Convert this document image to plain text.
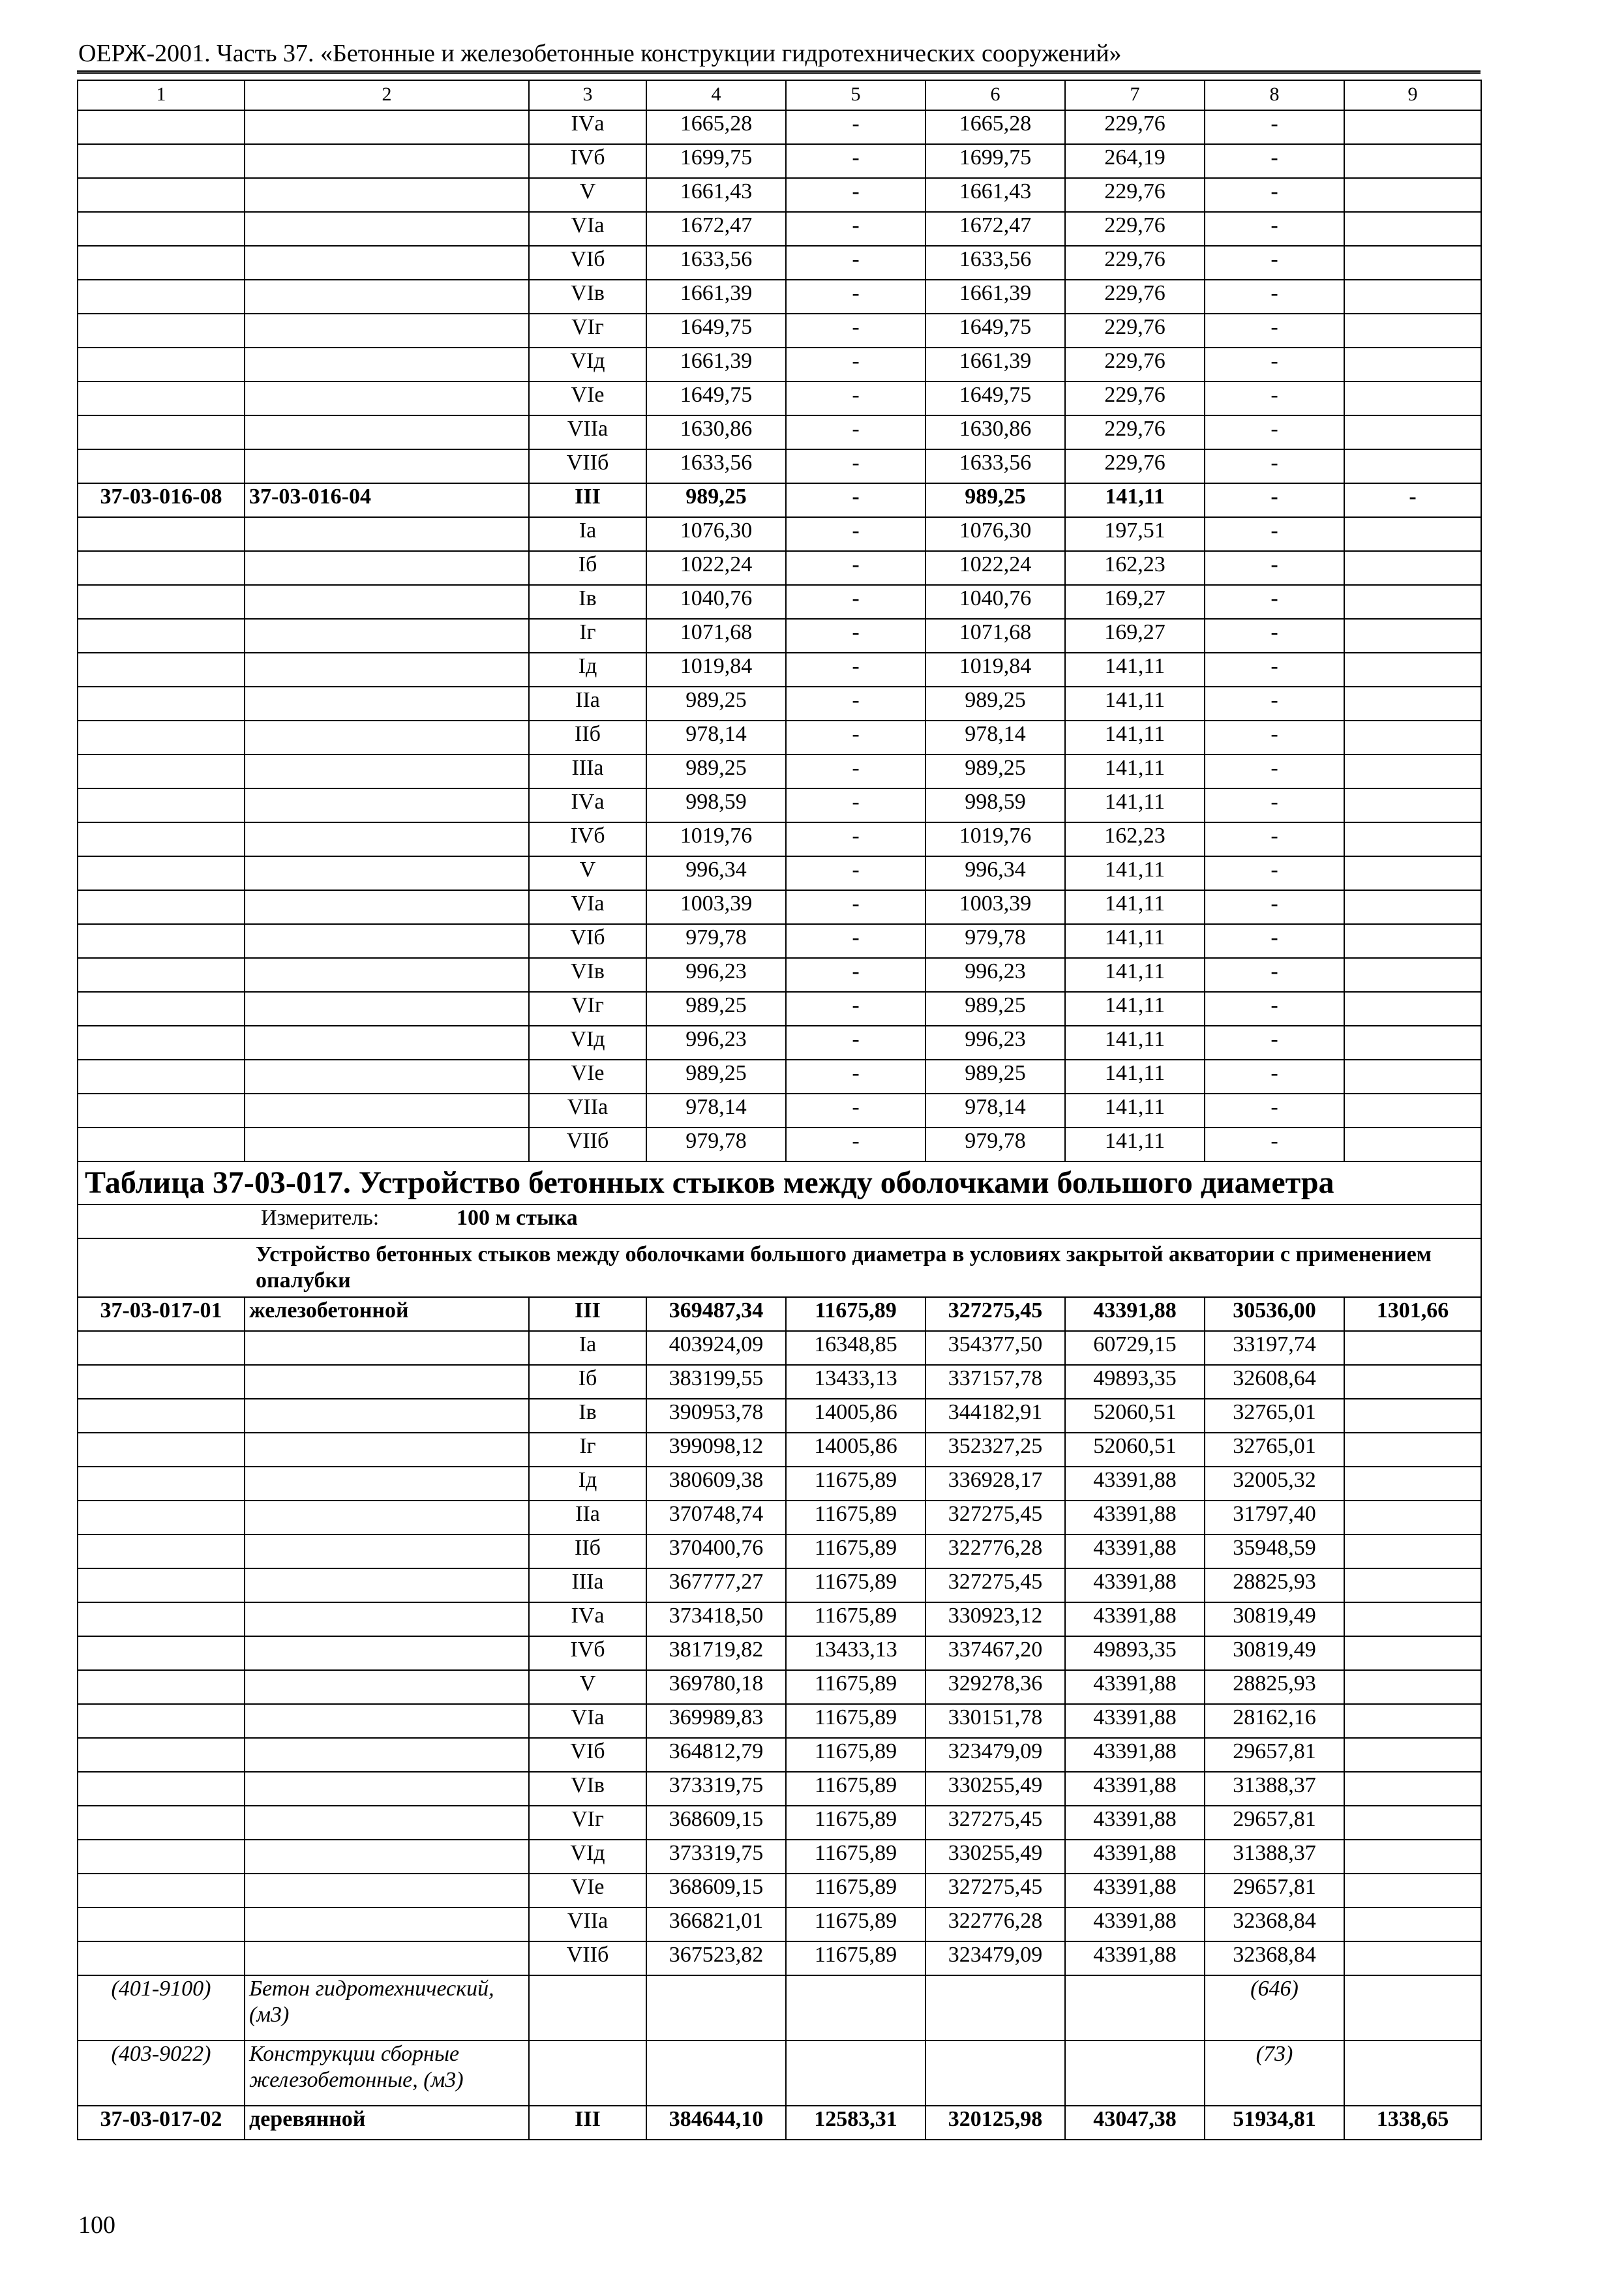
ОЕРЖ-2001. Часть 37. «Бетонные и железобетонные конструкции гидротехнических сооружений»
1	2	3	4	5	6	7	8	9
		IVа	1665,28	-	1665,28	229,76	-	
		IVб	1699,75	-	1699,75	264,19	-	
		V	1661,43	-	1661,43	229,76	-	
		VIа	1672,47	-	1672,47	229,76	-	
		VIб	1633,56	-	1633,56	229,76	-	
		VIв	1661,39	-	1661,39	229,76	-	
		VIг	1649,75	-	1649,75	229,76	-	
		VIд	1661,39	-	1661,39	229,76	-	
		VIе	1649,75	-	1649,75	229,76	-	
		VIIа	1630,86	-	1630,86	229,76	-	
		VIIб	1633,56	-	1633,56	229,76	-	
37-03-016-08	37-03-016-04	III	989,25	-	989,25	141,11	-	-
		Iа	1076,30	-	1076,30	197,51	-	
		Iб	1022,24	-	1022,24	162,23	-	
		Iв	1040,76	-	1040,76	169,27	-	
		Iг	1071,68	-	1071,68	169,27	-	
		Iд	1019,84	-	1019,84	141,11	-	
		IIа	989,25	-	989,25	141,11	-	
		IIб	978,14	-	978,14	141,11	-	
		IIIа	989,25	-	989,25	141,11	-	
		IVа	998,59	-	998,59	141,11	-	
		IVб	1019,76	-	1019,76	162,23	-	
		V	996,34	-	996,34	141,11	-	
		VIа	1003,39	-	1003,39	141,11	-	
		VIб	979,78	-	979,78	141,11	-	
		VIв	996,23	-	996,23	141,11	-	
		VIг	989,25	-	989,25	141,11	-	
		VIд	996,23	-	996,23	141,11	-	
		VIе	989,25	-	989,25	141,11	-	
		VIIа	978,14	-	978,14	141,11	-	
		VIIб	979,78	-	979,78	141,11	-	
Таблица 37-03-017. Устройство бетонных стыков между оболочками большого диаметра								
Измеритель: 100 м стыка								

Устройство бетонных стыков между оболочками большого диаметра в условиях закрытой акватории с применением опалубки								

37-03-017-01	железобетонной	III	369487,34	11675,89	327275,45	43391,88	30536,00	1301,66
		Iа	403924,09	16348,85	354377,50	60729,15	33197,74	
		Iб	383199,55	13433,13	337157,78	49893,35	32608,64	
		Iв	390953,78	14005,86	344182,91	52060,51	32765,01	
		Iг	399098,12	14005,86	352327,25	52060,51	32765,01	
		Iд	380609,38	11675,89	336928,17	43391,88	32005,32	
		IIа	370748,74	11675,89	327275,45	43391,88	31797,40	
		IIб	370400,76	11675,89	322776,28	43391,88	35948,59	
		IIIа	367777,27	11675,89	327275,45	43391,88	28825,93	
		IVа	373418,50	11675,89	330923,12	43391,88	30819,49	
		IVб	381719,82	13433,13	337467,20	49893,35	30819,49	
		V	369780,18	11675,89	329278,36	43391,88	28825,93	
		VIа	369989,83	11675,89	330151,78	43391,88	28162,16	
		VIб	364812,79	11675,89	323479,09	43391,88	29657,81	
		VIв	373319,75	11675,89	330255,49	43391,88	31388,37	
		VIг	368609,15	11675,89	327275,45	43391,88	29657,81	
		VIд	373319,75	11675,89	330255,49	43391,88	31388,37	
		VIе	368609,15	11675,89	327275,45	43391,88	29657,81	
		VIIа	366821,01	11675,89	322776,28	43391,88	32368,84	
		VIIб	367523,82	11675,89	323479,09	43391,88	32368,84	
(401-9100)	Бетон гидротехнический, (м3)						(646)	
(403-9022)	Конструкции сборные железобетонные, (м3)						(73)	
37-03-017-02	деревянной	III	384644,10	12583,31	320125,98	43047,38	51934,81	1338,65
100
